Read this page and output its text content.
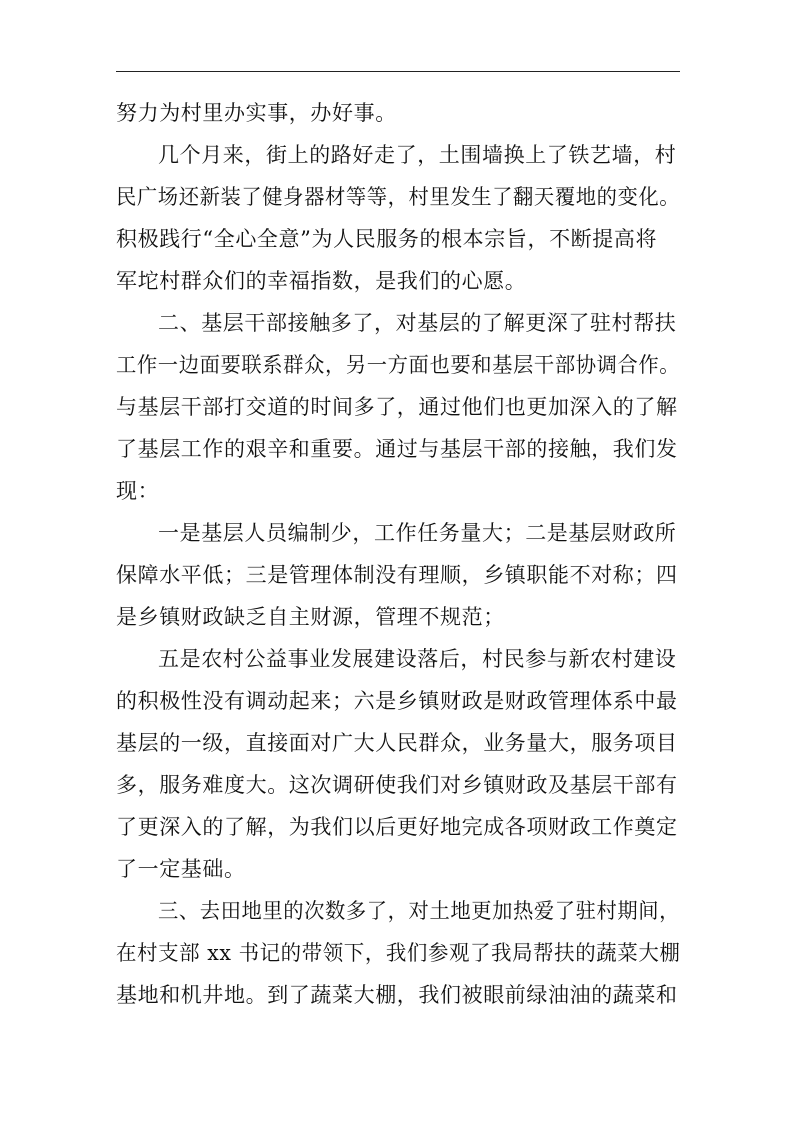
努力为村里办实事，办好事。
几个月来，街上的路好走了，土围墙换上了铁艺墙，村
民广场还新装了健身器材等等，村里发生了翻天覆地的变化。
积极践行“全心全意”为人民服务的根本宗旨，不断提高将
军坨村群众们的幸福指数，是我们的心愿。
二、基层干部接触多了，对基层的了解更深了驻村帮扶
工作一边面要联系群众，另一方面也要和基层干部协调合作。
与基层干部打交道的时间多了，通过他们也更加深入的了解
了基层工作的艰辛和重要。通过与基层干部的接触，我们发
现：
一是基层人员编制少，工作任务量大；二是基层财政所
保障水平低；三是管理体制没有理顺，乡镇职能不对称；四
是乡镇财政缺乏自主财源，管理不规范；
五是农村公益事业发展建设落后，村民参与新农村建设
的积极性没有调动起来；六是乡镇财政是财政管理体系中最
基层的一级，直接面对广大人民群众，业务量大，服务项目
多，服务难度大。这次调研使我们对乡镇财政及基层干部有
了更深入的了解，为我们以后更好地完成各项财政工作奠定
了一定基础。
三、去田地里的次数多了，对土地更加热爱了驻村期间，
在村支部 xx 书记的带领下，我们参观了我局帮扶的蔬菜大棚
基地和机井地。到了蔬菜大棚，我们被眼前绿油油的蔬菜和
